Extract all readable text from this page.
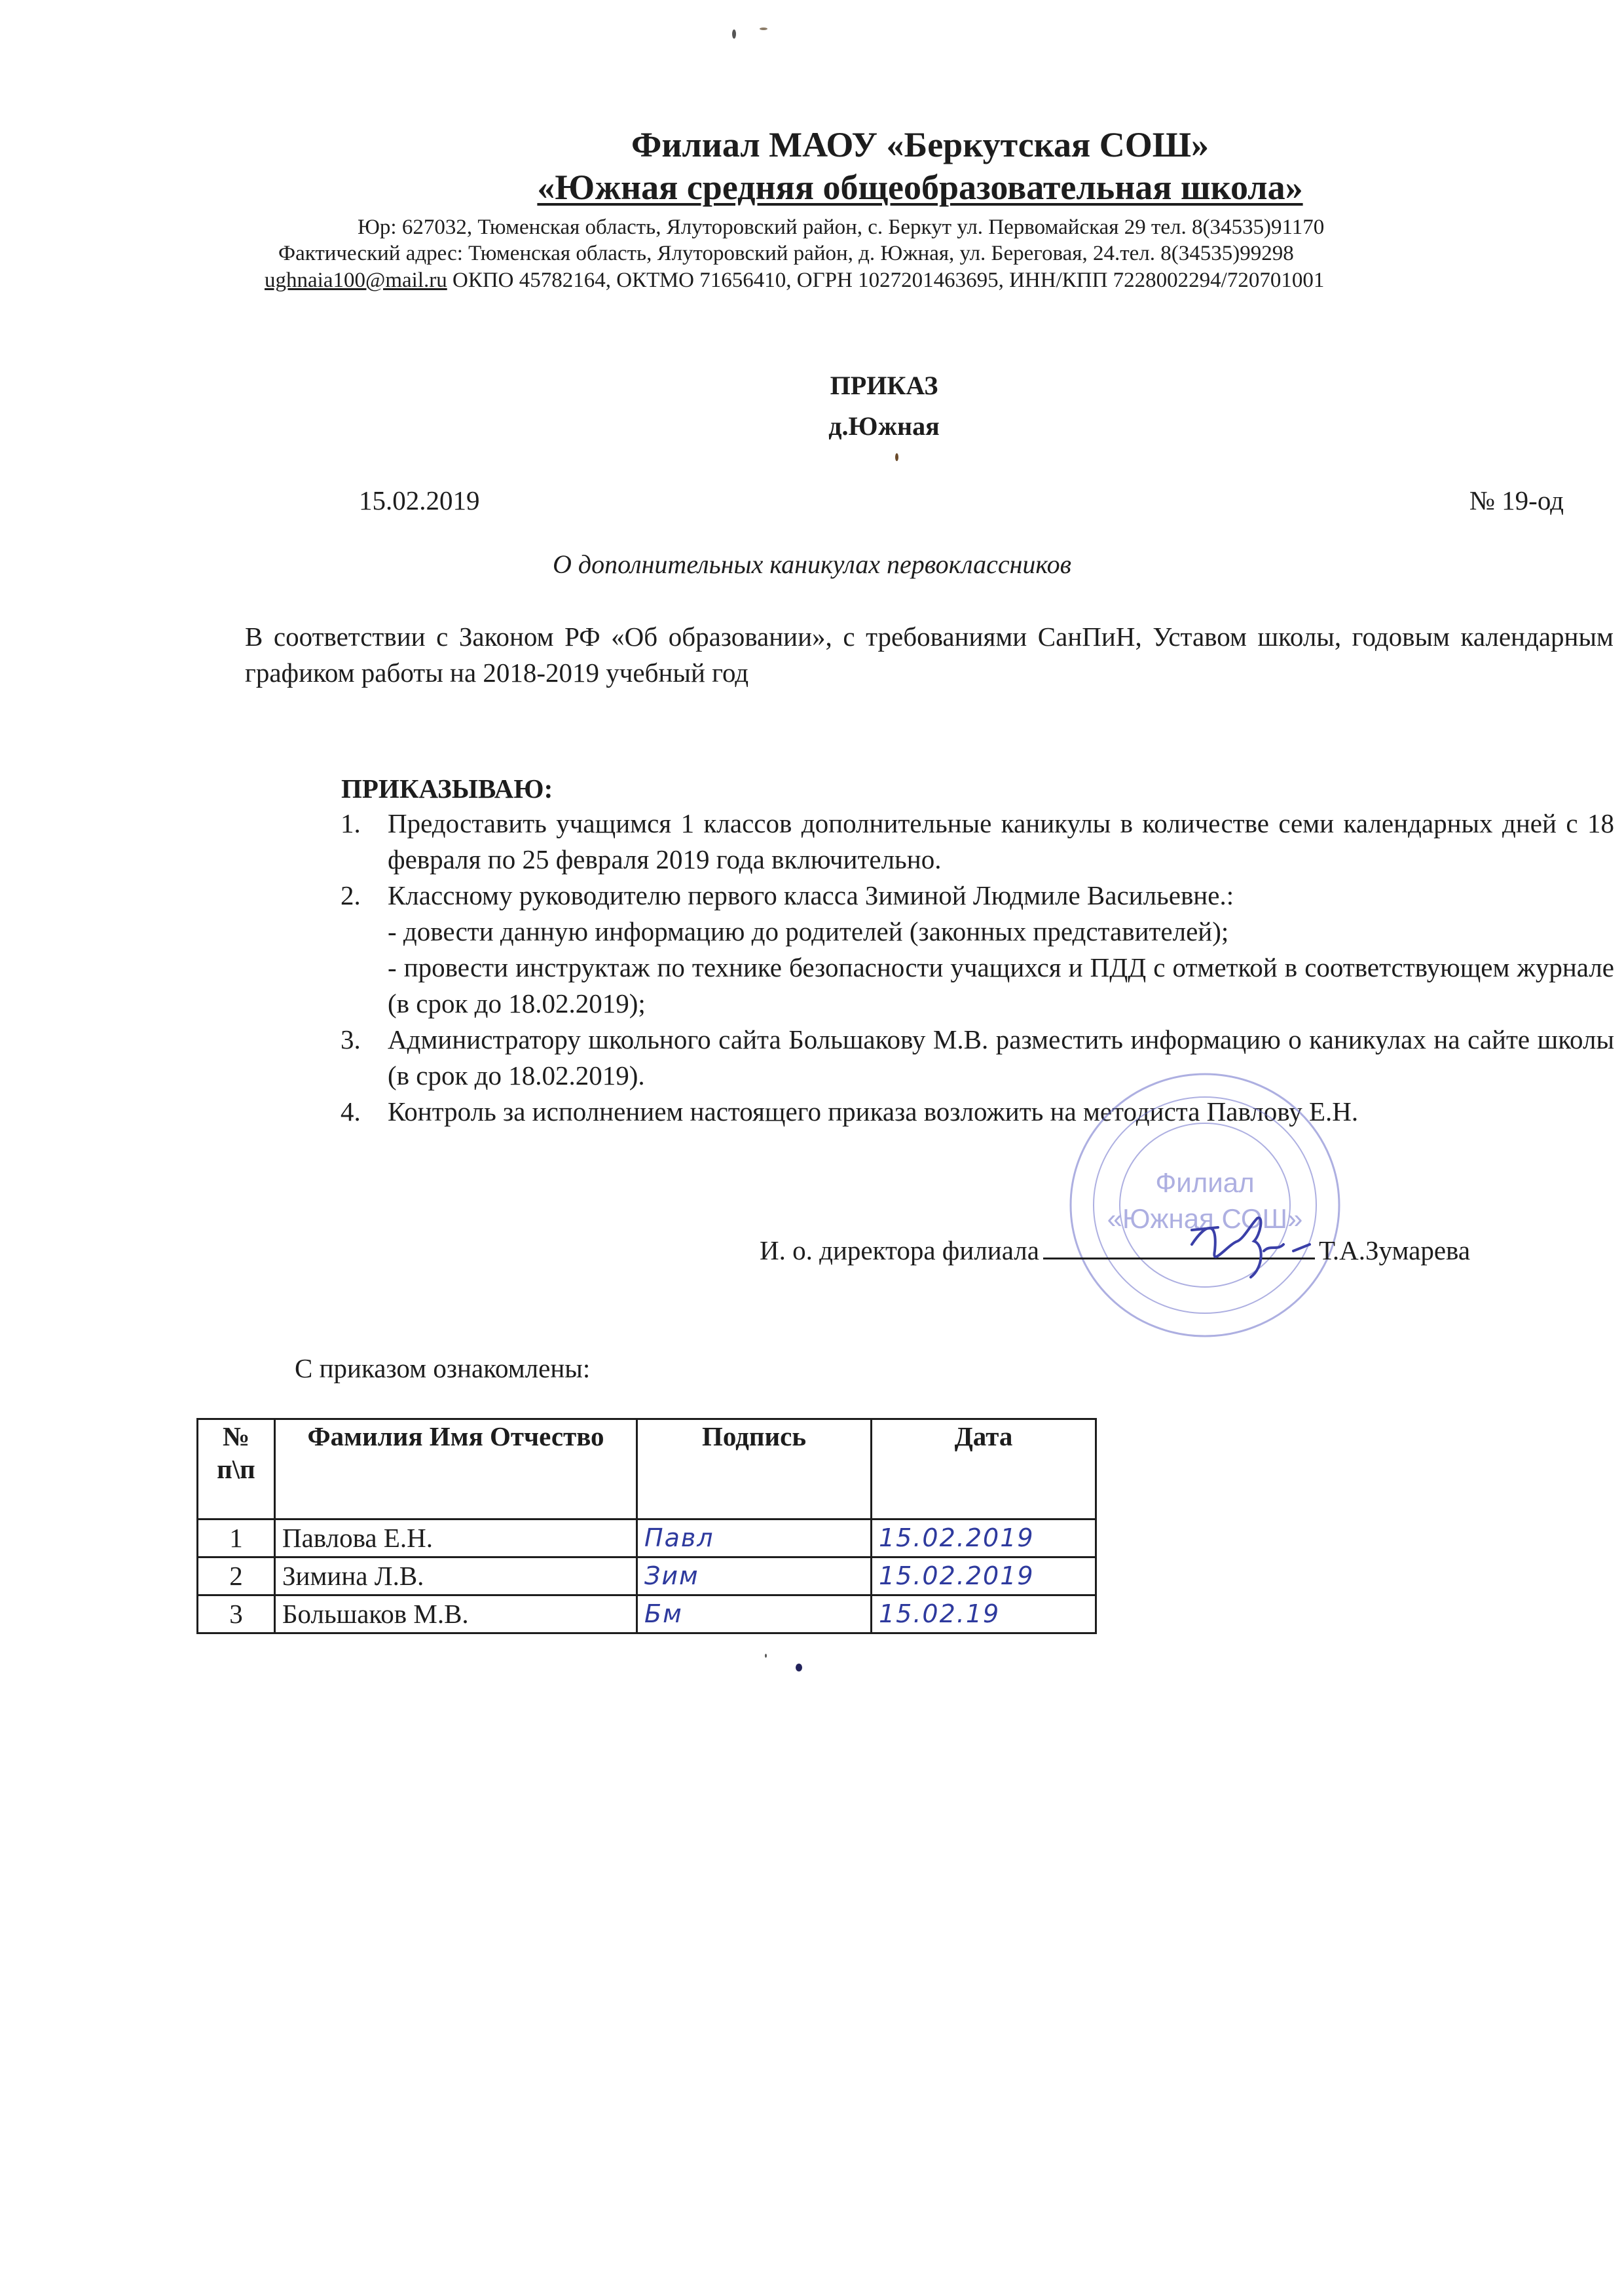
Филиал МАОУ «Беркутская СОШ»
«Южная средняя общеобразовательная школа»
Юр: 627032, Тюменская область, Ялуторовский район, с. Беркут ул. Первомайская 29 тел. 8(34535)91170
Фактический адрес: Тюменская область, Ялуторовский район, д. Южная, ул. Береговая, 24.тел. 8(34535)99298
ughnaia100@mail.ru ОКПО 45782164, ОКТМО 71656410, ОГРН 1027201463695, ИНН/КПП 7228002294/720701001
ПРИКАЗ
д.Южная
15.02.2019	№ 19-од
О дополнительных каникулах первоклассников
В соответствии с Законом РФ «Об образовании», с требованиями СанПиН, Уставом школы, годовым календарным графиком работы на 2018-2019 учебный год
ПРИКАЗЫВАЮ:
1.	Предоставить учащимся 1 классов дополнительные каникулы в количестве семи календарных дней с 18 февраля по 25 февраля 2019 года включительно.
2.	Классному руководителю первого класса Зиминой Людмиле Васильевне.:
- довести данную информацию до родителей (законных представителей);
- провести инструктаж по технике безопасности учащихся и ПДД с отметкой в соответствующем журнале (в срок до 18.02.2019);
3.	Администратору школьного сайта Большакову М.В. разместить информацию о каникулах на сайте школы (в срок до 18.02.2019).
4.	Контроль за исполнением настоящего приказа возложить на методиста Павлову Е.Н.
Филиал
«Южная СОШ»
И. о. директора филиала	Т.А.Зумарева
С приказом ознакомлены:
№ п\п	Фамилия Имя Отчество	Подпись	Дата
1	Павлова Е.Н.	Павл	15.02.2019
2	Зимина Л.В.	Зим	15.02.2019
3	Большаков М.В.	Бм	15.02.19
